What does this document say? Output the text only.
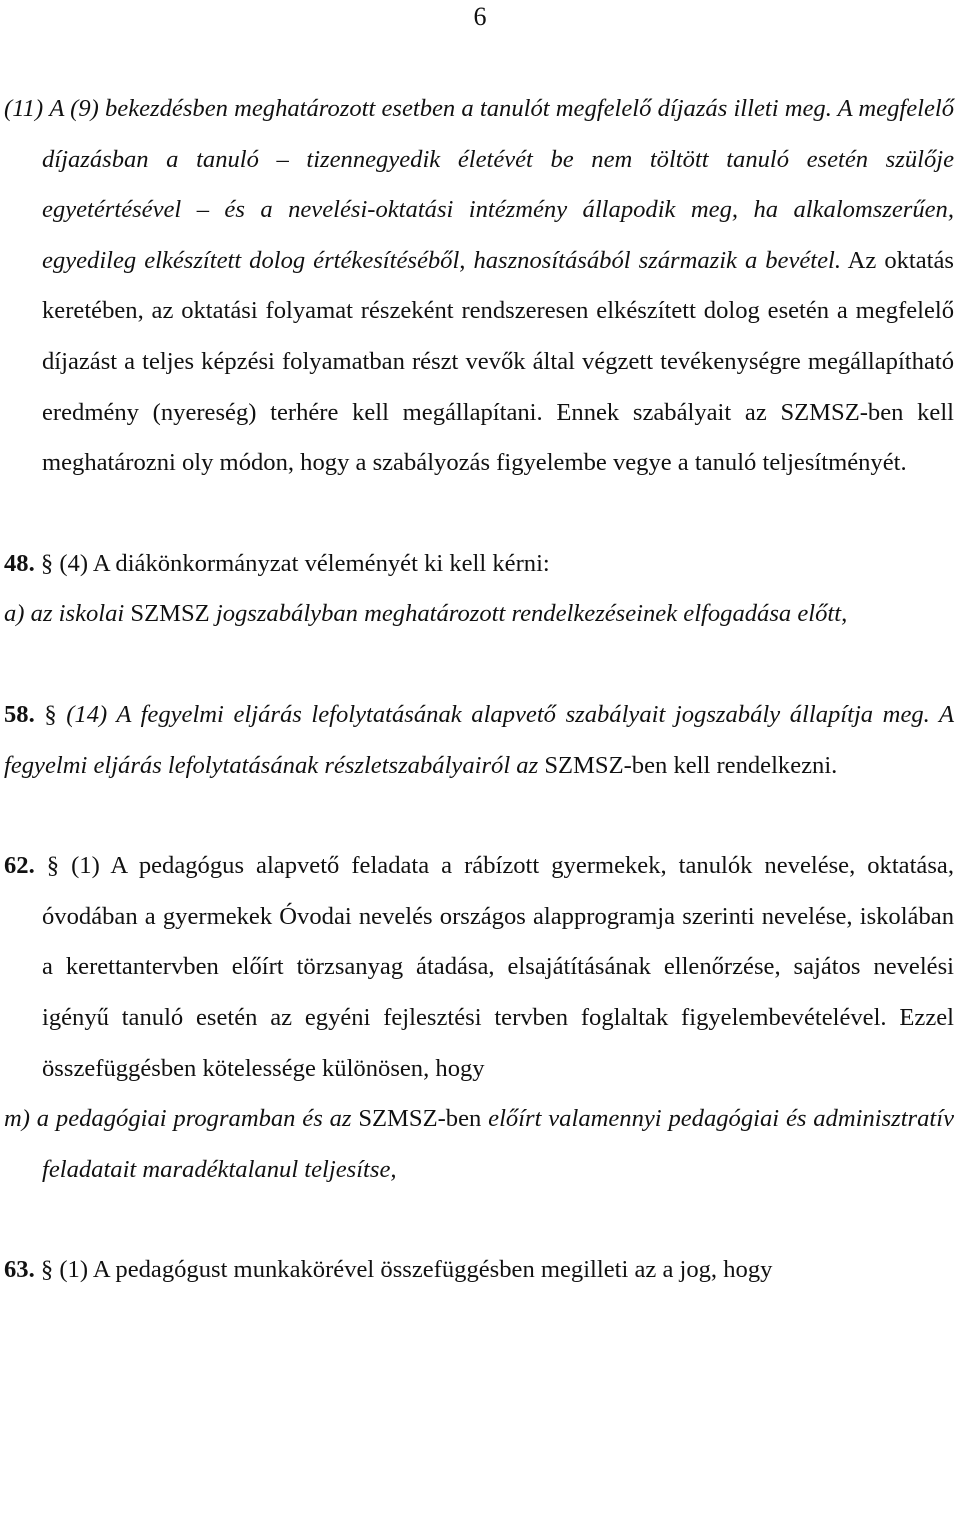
6

(11) A (9) bekezdésben meghatározott esetben a tanulót megfelelő díjazás illeti meg. A megfelelő díjazásban a tanuló – tizennegyedik életévét be nem töltött tanuló esetén szülője egyetértésével – és a nevelési-oktatási intézmény állapodik meg, ha alkalomszerűen, egyedileg elkészített dolog értékesítéséből, hasznosításából származik a bevétel. Az oktatás keretében, az oktatási folyamat részeként rendszeresen elkészített dolog esetén a megfelelő díjazást a teljes képzési folyamatban részt vevők által végzett tevékenységre megállapítható eredmény (nyereség) terhére kell megállapítani. Ennek szabályait az SZMSZ-ben kell meghatározni oly módon, hogy a szabályozás figyelembe vegye a tanuló teljesítményét.

48. § (4) A diákönkormányzat véleményét ki kell kérni:

a) az iskolai SZMSZ jogszabályban meghatározott rendelkezéseinek elfogadása előtt,

58. § (14) A fegyelmi eljárás lefolytatásának alapvető szabályait jogszabály állapítja meg. A fegyelmi eljárás lefolytatásának részletszabályairól az SZMSZ-ben kell rendelkezni.

62. § (1) A pedagógus alapvető feladata a rábízott gyermekek, tanulók nevelése, oktatása, óvodában a gyermekek Óvodai nevelés országos alapprogramja szerinti nevelése, iskolában a kerettantervben előírt törzsanyag átadása, elsajátításának ellenőrzése, sajátos nevelési igényű tanuló esetén az egyéni fejlesztési tervben foglaltak figyelembevételével. Ezzel összefüggésben kötelessége különösen, hogy

m) a pedagógiai programban és az SZMSZ-ben előírt valamennyi pedagógiai és adminisztratív feladatait maradéktalanul teljesítse,

63. § (1) A pedagógust munkakörével összefüggésben megilleti az a jog, hogy
